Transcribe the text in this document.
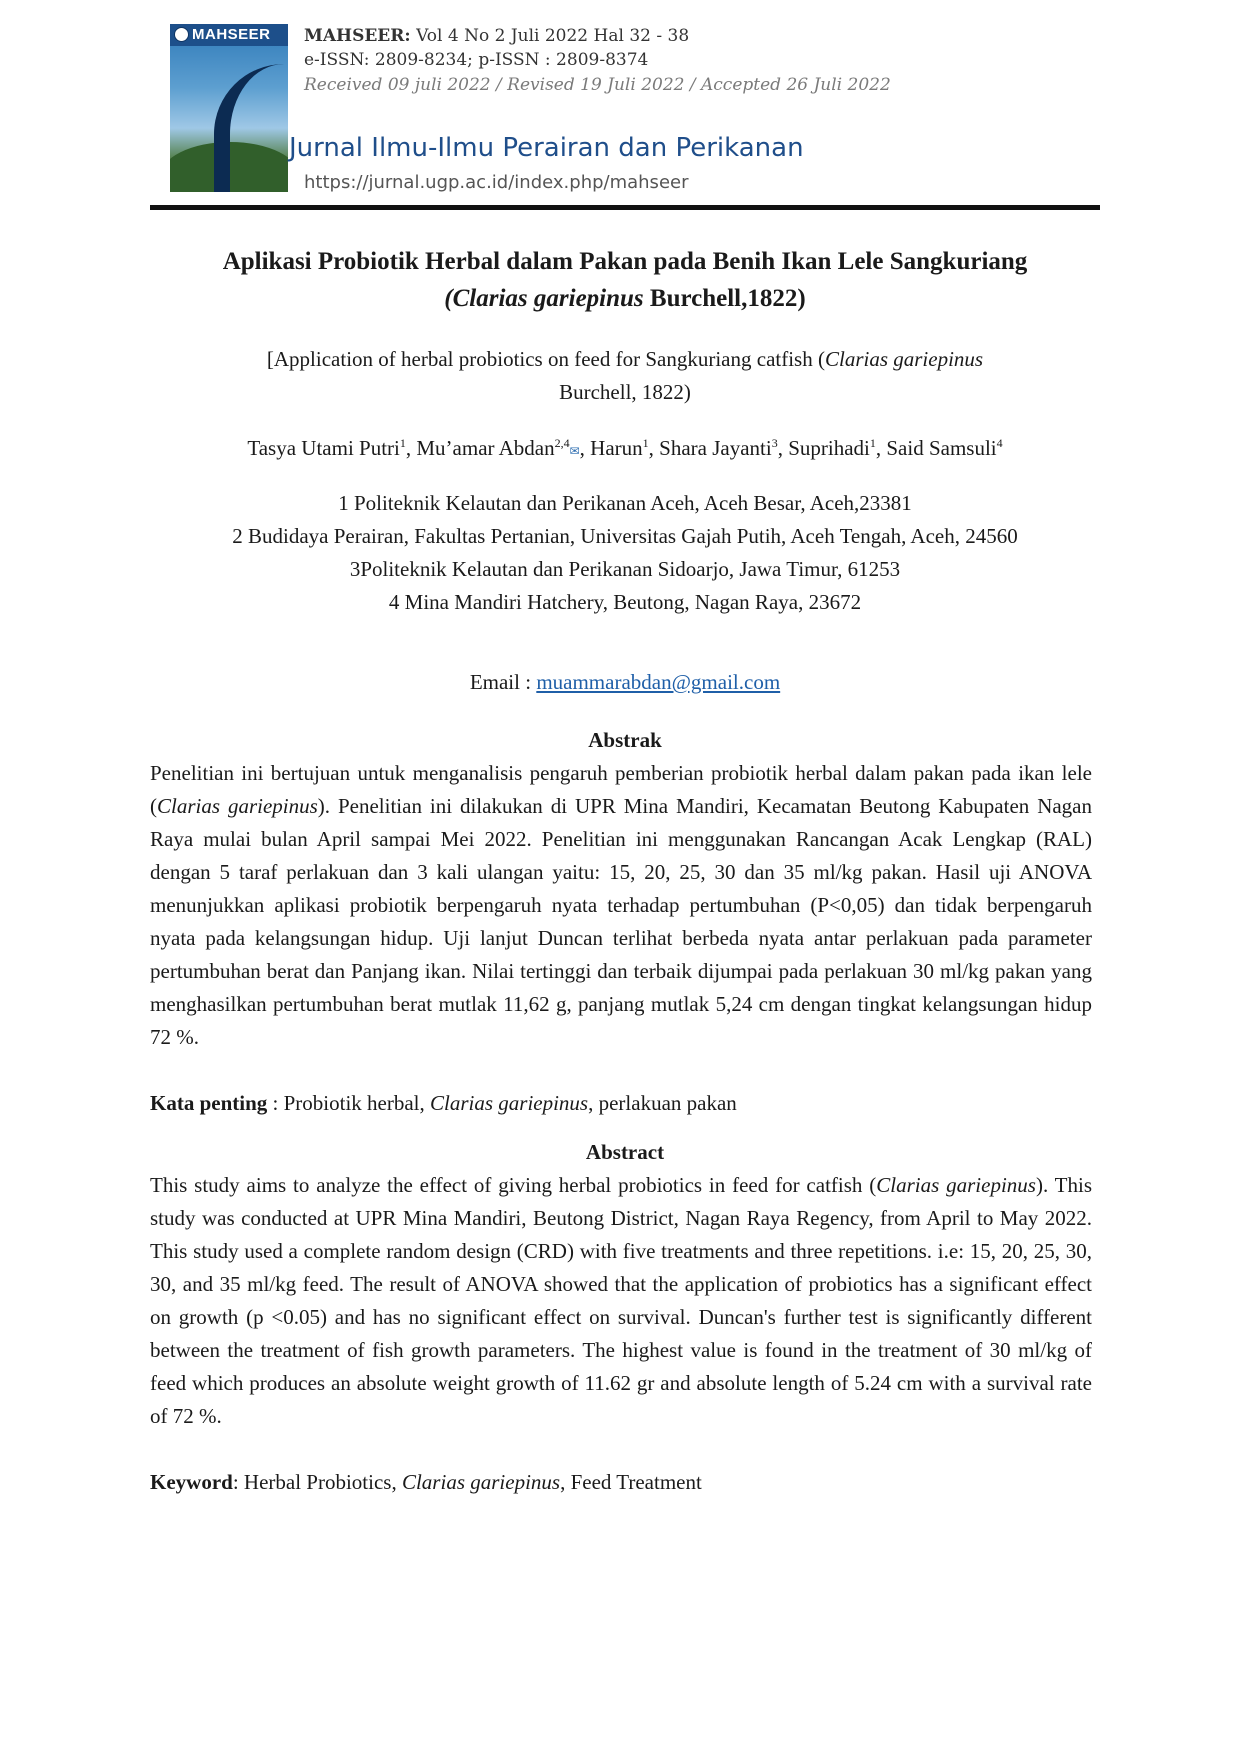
MAHSEER MAHSEER: Vol 4 No 2 Juli 2022 Hal 32 - 38
e-ISSN: 2809-8234; p-ISSN : 2809-8374
Received 09 juli 2022 / Revised 19 Juli 2022 / Accepted 26 Juli 2022
Jurnal Ilmu-Ilmu Perairan dan Perikanan
https://jurnal.ugp.ac.id/index.php/mahseer
Aplikasi Probiotik Herbal dalam Pakan pada Benih Ikan Lele Sangkuriang
(Clarias gariepinus Burchell,1822)
[Application of herbal probiotics on feed for Sangkuriang catfish (Clarias gariepinus
Burchell, 1822)
Tasya Utami Putri$^1$, Mu’amar Abdan$^{2,4}$✉, Harun$^1$, Shara Jayanti$^3$, Suprihadi$^1$, Said Samsuli$^4$
1 Politeknik Kelautan dan Perikanan Aceh, Aceh Besar, Aceh,23381
2 Budidaya Perairan, Fakultas Pertanian, Universitas Gajah Putih, Aceh Tengah, Aceh, 24560
3Politeknik Kelautan dan Perikanan Sidoarjo, Jawa Timur, 61253
4 Mina Mandiri Hatchery, Beutong, Nagan Raya, 23672
Email : muammarabdan@gmail.com
Abstrak
Penelitian ini bertujuan untuk menganalisis pengaruh pemberian probiotik herbal dalam pakan pada ikan lele (Clarias gariepinus). Penelitian ini dilakukan di UPR Mina Mandiri, Kecamatan Beutong Kabupaten Nagan Raya mulai bulan April sampai Mei 2022. Penelitian ini menggunakan Rancangan Acak Lengkap (RAL) dengan 5 taraf perlakuan dan 3 kali ulangan yaitu: 15, 20, 25, 30 dan 35 ml/kg pakan. Hasil uji ANOVA menunjukkan aplikasi probiotik berpengaruh nyata terhadap pertumbuhan (P<0,05) dan tidak berpengaruh nyata pada kelangsungan hidup. Uji lanjut Duncan terlihat berbeda nyata antar perlakuan pada parameter pertumbuhan berat dan Panjang ikan. Nilai tertinggi dan terbaik dijumpai pada perlakuan 30 ml/kg pakan yang menghasilkan pertumbuhan berat mutlak 11,62 g, panjang mutlak 5,24 cm dengan tingkat kelangsungan hidup 72 %.
Kata penting : Probiotik herbal, Clarias gariepinus, perlakuan pakan
Abstract
This study aims to analyze the effect of giving herbal probiotics in feed for catfish (Clarias gariepinus). This study was conducted at UPR Mina Mandiri, Beutong District, Nagan Raya Regency, from April to May 2022. This study used a complete random design (CRD) with five treatments and three repetitions. i.e: 15, 20, 25, 30, 30, and 35 ml/kg feed. The result of ANOVA showed that the application of probiotics has a significant effect on growth (p <0.05) and has no significant effect on survival. Duncan's further test is significantly different between the treatment of fish growth parameters. The highest value is found in the treatment of 30 ml/kg of feed which produces an absolute weight growth of 11.62 gr and absolute length of 5.24 cm with a survival rate of 72 %.
Keyword: Herbal Probiotics, Clarias gariepinus, Feed Treatment
